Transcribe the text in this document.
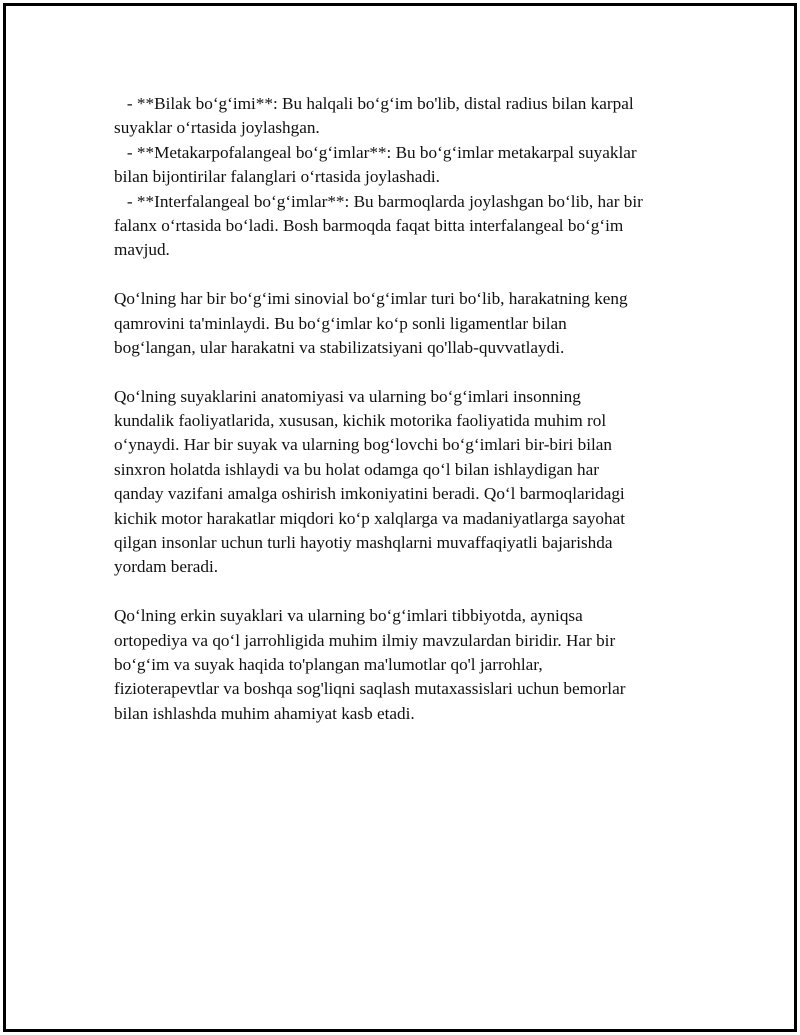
- **Bilak bo‘g‘imi**: Bu halqali bo‘g‘im bo'lib, distal radius bilan karpal
suyaklar o‘rtasida joylashgan.
- **Metakarpofalangeal bo‘g‘imlar**: Bu bo‘g‘imlar metakarpal suyaklar
bilan bijontirilar falanglari o‘rtasida joylashadi.
- **Interfalangeal bo‘g‘imlar**: Bu barmoqlarda joylashgan bo‘lib, har bir
falanx o‘rtasida bo‘ladi. Bosh barmoqda faqat bitta interfalangeal bo‘g‘im
mavjud.
Qo‘lning har bir bo‘g‘imi sinovial bo‘g‘imlar turi bo‘lib, harakatning keng
qamrovini ta'minlaydi. Bu bo‘g‘imlar ko‘p sonli ligamentlar bilan
bog‘langan, ular harakatni va stabilizatsiyani qo'llab-quvvatlaydi.
Qo‘lning suyaklarini anatomiyasi va ularning bo‘g‘imlari insonning
kundalik faoliyatlarida, xususan, kichik motorika faoliyatida muhim rol
o‘ynaydi. Har bir suyak va ularning bog‘lovchi bo‘g‘imlari bir-biri bilan
sinxron holatda ishlaydi va bu holat odamga qo‘l bilan ishlaydigan har
qanday vazifani amalga oshirish imkoniyatini beradi. Qo‘l barmoqlaridagi
kichik motor harakatlar miqdori ko‘p xalqlarga va madaniyatlarga sayohat
qilgan insonlar uchun turli hayotiy mashqlarni muvaffaqiyatli bajarishda
yordam beradi.
Qo‘lning erkin suyaklari va ularning bo‘g‘imlari tibbiyotda, ayniqsa
ortopediya va qo‘l jarrohligida muhim ilmiy mavzulardan biridir. Har bir
bo‘g‘im va suyak haqida to'plangan ma'lumotlar qo'l jarrohlar,
fizioterapevtlar va boshqa sog'liqni saqlash mutaxassislari uchun bemorlar
bilan ishlashda muhim ahamiyat kasb etadi.
